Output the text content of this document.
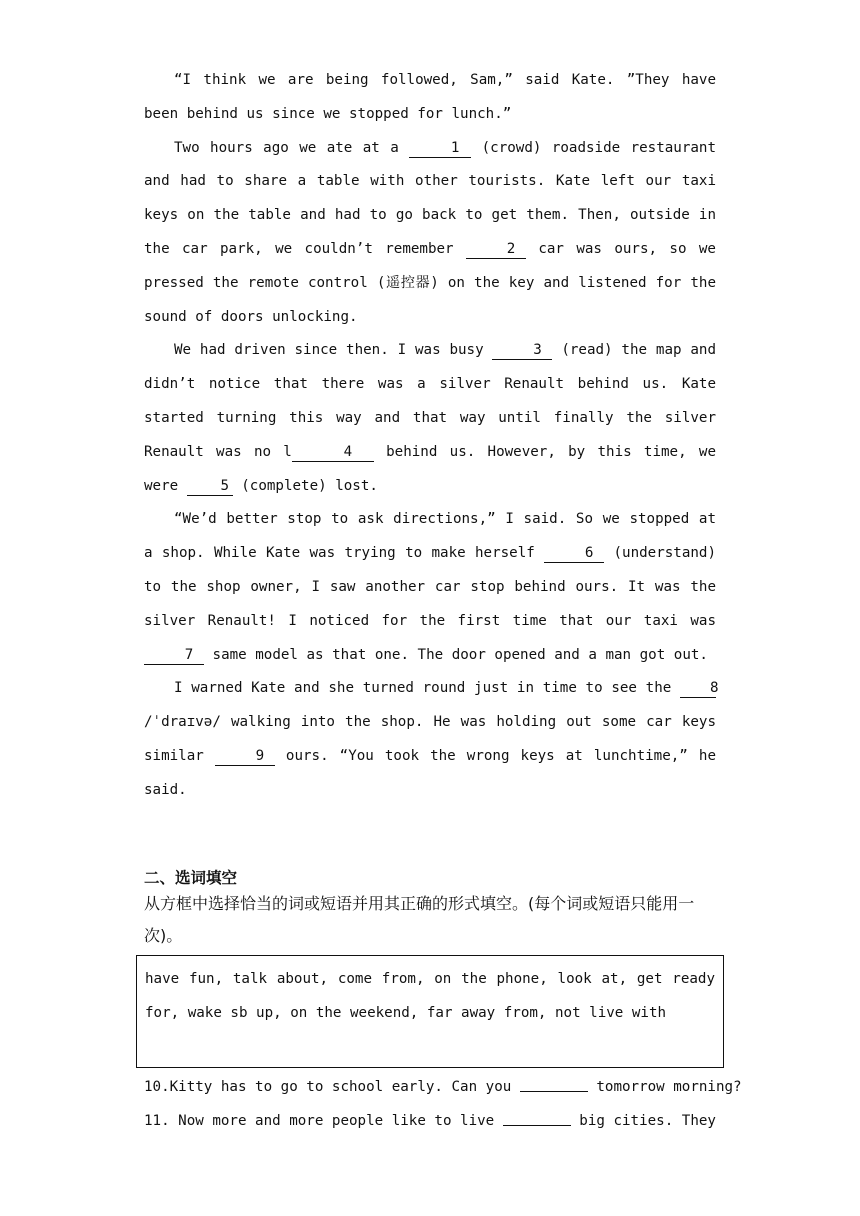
“I think we are being followed, Sam,” said Kate. ”They have been behind us since we stopped for lunch.”

Two hours ago we ate at a	1 (crowd) roadside restaurant and had to share a table with other tourists. Kate left our taxi keys on the table and had to go back to get them. Then, outside in the car park, we couldn’t remember	2 car was ours, so we pressed the remote control (遥控器) on the key and listened for the sound of doors unlocking.

We had driven since then. I was busy	3 (read) the map and didn’t notice that there was a silver Renault behind us. Kate started turning this way and that way until finally the silver Renault was no l	4 behind us. However, by this time, we were 5 (complete) lost.

“We’d better stop to ask directions,” I said. So we stopped at a shop. While Kate was trying to make herself	6 (understand) to the shop owner, I saw another car stop behind ours. It was the silver Renault! I noticed for the first time that our taxi was 7 same model as that one. The door opened and a man got out.

I warned Kate and she turned round just in time to see the 8 /ˈdraɪvə/ walking into the shop. He was holding out some car keys similar	9 ours. “You took the wrong keys at lunchtime,” he said.

二、选词填空

从方框中选择恰当的词或短语并用其正确的形式填空。(每个词或短语只能用一次)。

have fun, talk about, come from, on the phone, look at, get ready for, wake sb up, on the weekend, far away from, not live with

10.Kitty has to go to school early. Can you	tomorrow morning?
11. Now more and more people like to live	big cities. They
